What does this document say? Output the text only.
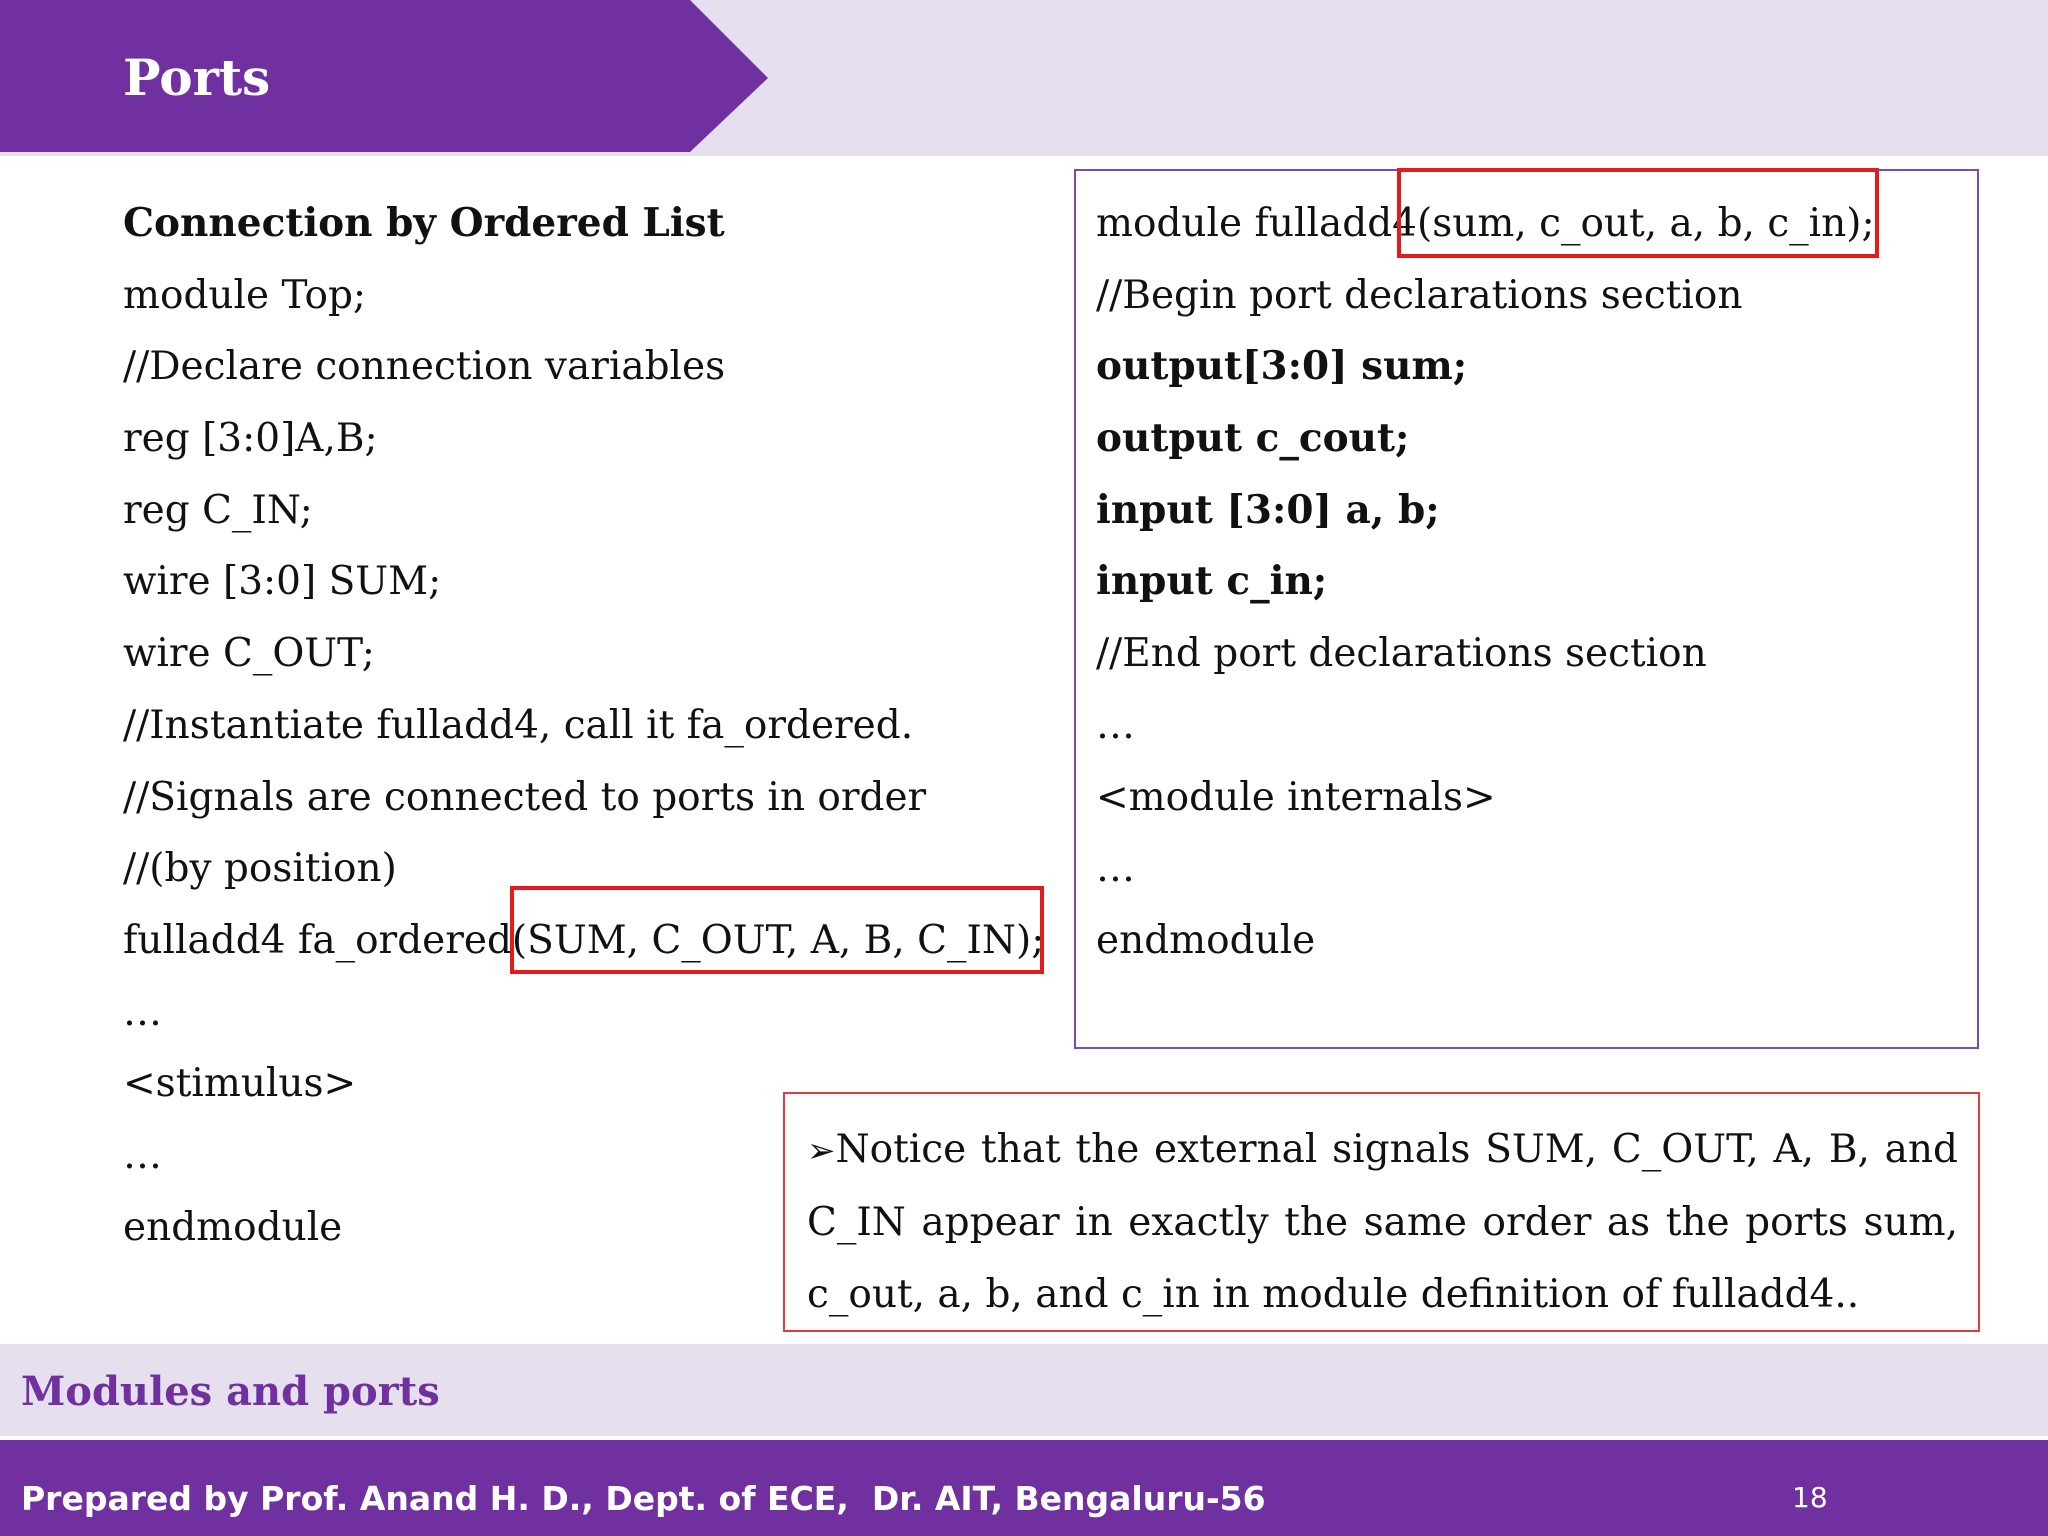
Ports
Connection by Ordered List
module Top;
//Declare connection variables
reg [3:0]A,B;
reg C_IN;
wire [3:0] SUM;
wire C_OUT;
//Instantiate fulladd4, call it fa_ordered.
//Signals are connected to ports in order
//(by position)
fulladd4 fa_ordered(SUM, C_OUT, A, B, C_IN);
…
<stimulus>
…
endmodule
module fulladd4(sum, c_out, a, b, c_in);
//Begin port declarations section
output[3:0] sum;
output c_cout;
input [3:0] a, b;
input c_in;
//End port declarations section
…
<module internals>
…
endmodule

➢Notice that the external signals SUM, C_OUT, A, B, and C_IN appear in exactly the same order as the ports sum, c_out, a, b, and c_in in module definition of fulladd4..

Modules and ports
Prepared by Prof. Anand H. D., Dept. of ECE,  Dr. AIT, Bengaluru-56	18
